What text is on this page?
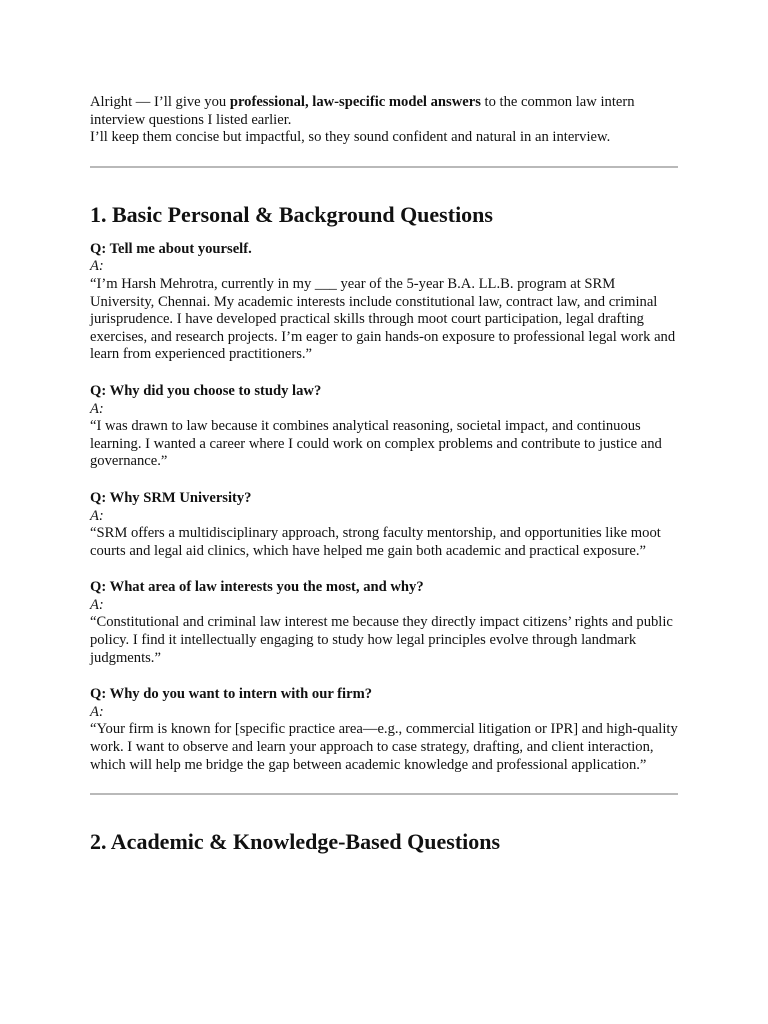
Alright — I’ll give you professional, law-specific model answers to the common law intern interview questions I listed earlier.

I’ll keep them concise but impactful, so they sound confident and natural in an interview.

1. Basic Personal & Background Questions

Q: Tell me about yourself.

A:

“I’m Harsh Mehrotra, currently in my ___ year of the 5-year B.A. LL.B. program at SRM University, Chennai. My academic interests include constitutional law, contract law, and criminal jurisprudence. I have developed practical skills through moot court participation, legal drafting exercises, and research projects. I’m eager to gain hands-on exposure to professional legal work and learn from experienced practitioners.”

Q: Why did you choose to study law?

A:

“I was drawn to law because it combines analytical reasoning, societal impact, and continuous learning. I wanted a career where I could work on complex problems and contribute to justice and governance.”

Q: Why SRM University?

A:

“SRM offers a multidisciplinary approach, strong faculty mentorship, and opportunities like moot courts and legal aid clinics, which have helped me gain both academic and practical exposure.”

Q: What area of law interests you the most, and why?

A:

“Constitutional and criminal law interest me because they directly impact citizens’ rights and public policy. I find it intellectually engaging to study how legal principles evolve through landmark judgments.”

Q: Why do you want to intern with our firm?

A:

“Your firm is known for [specific practice area—e.g., commercial litigation or IPR] and high-quality work. I want to observe and learn your approach to case strategy, drafting, and client interaction, which will help me bridge the gap between academic knowledge and professional application.”

2. Academic & Knowledge-Based Questions
